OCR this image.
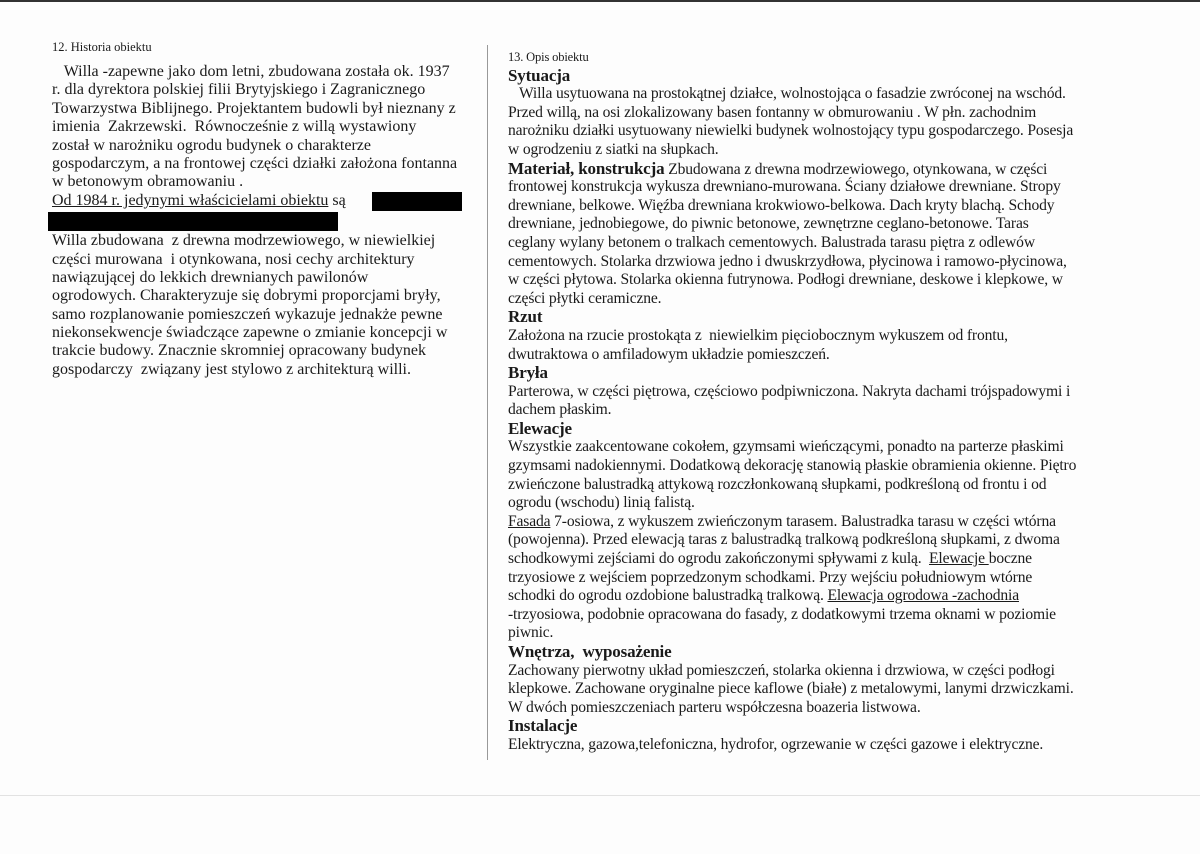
12. Historia obiektu
Willa -zapewne jako dom letni, zbudowana została ok. 1937
r. dla dyrektora polskiej filii Brytyjskiego i Zagranicznego
Towarzystwa Biblijnego. Projektantem budowli był nieznany z
imienia  Zakrzewski.  Równocześnie z willą wystawiony
został w narożniku ogrodu budynek o charakterze
gospodarczym, a na frontowej części działki założona fontanna
w betonowym obramowaniu .
Od 1984 r. jedynymi właścicielami obiektu są
Willa zbudowana  z drewna modrzewiowego, w niewielkiej
części murowana  i otynkowana, nosi cechy architektury
nawiązującej do lekkich drewnianych pawilonów
ogrodowych. Charakteryzuje się dobrymi proporcjami bryły,
samo rozplanowanie pomieszczeń wykazuje jednakże pewne
niekonsekwencje świadczące zapewne o zmianie koncepcji w
trakcie budowy. Znacznie skromniej opracowany budynek
gospodarczy  związany jest stylowo z architekturą willi.
13. Opis obiektu
Sytuacja
Willa usytuowana na prostokątnej działce, wolnostojąca o fasadzie zwróconej na wschód.
Przed willą, na osi zlokalizowany basen fontanny w obmurowaniu . W płn. zachodnim
narożniku działki usytuowany niewielki budynek wolnostojący typu gospodarczego. Posesja
w ogrodzeniu z siatki na słupkach.
Materiał, konstrukcja Zbudowana z drewna modrzewiowego, otynkowana, w części
frontowej konstrukcja wykusza drewniano-murowana. Ściany działowe drewniane. Stropy
drewniane, belkowe. Więźba drewniana krokwiowo-belkowa. Dach kryty blachą. Schody
drewniane, jednobiegowe, do piwnic betonowe, zewnętrzne ceglano-betonowe. Taras
ceglany wylany betonem o tralkach cementowych. Balustrada tarasu piętra z odlewów
cementowych. Stolarka drzwiowa jedno i dwuskrzydłowa, płycinowa i ramowo-płycinowa,
w części płytowa. Stolarka okienna futrynowa. Podłogi drewniane, deskowe i klepkowe, w
części płytki ceramiczne.
Rzut
Założona na rzucie prostokąta z  niewielkim pięciobocznym wykuszem od frontu,
dwutraktowa o amfiladowym układzie pomieszczeń.
Bryła
Parterowa, w części piętrowa, częściowo podpiwniczona. Nakryta dachami trójspadowymi i
dachem płaskim.
Elewacje
Wszystkie zaakcentowane cokołem, gzymsami wieńczącymi, ponadto na parterze płaskimi
gzymsami nadokiennymi. Dodatkową dekorację stanowią płaskie obramienia okienne. Piętro
zwieńczone balustradką attykową rozczłonkowaną słupkami, podkreśloną od frontu i od
ogrodu (wschodu) linią falistą.
Fasada 7-osiowa, z wykuszem zwieńczonym tarasem. Balustradka tarasu w części wtórna
(powojenna). Przed elewacją taras z balustradką tralkową podkreśloną słupkami, z dwoma
schodkowymi zejściami do ogrodu zakończonymi spływami z kulą.  Elewacje boczne
trzyosiowe z wejściem poprzedzonym schodkami. Przy wejściu południowym wtórne
schodki do ogrodu ozdobione balustradką tralkową. Elewacja ogrodowa -zachodnia
-trzyosiowa, podobnie opracowana do fasady, z dodatkowymi trzema oknami w poziomie
piwnic.
Wnętrza,  wyposażenie
Zachowany pierwotny układ pomieszczeń, stolarka okienna i drzwiowa, w części podłogi
klepkowe. Zachowane oryginalne piece kaflowe (białe) z metalowymi, lanymi drzwiczkami.
W dwóch pomieszczeniach parteru współczesna boazeria listwowa.
Instalacje
Elektryczna, gazowa,telefoniczna, hydrofor, ogrzewanie w części gazowe i elektryczne.
